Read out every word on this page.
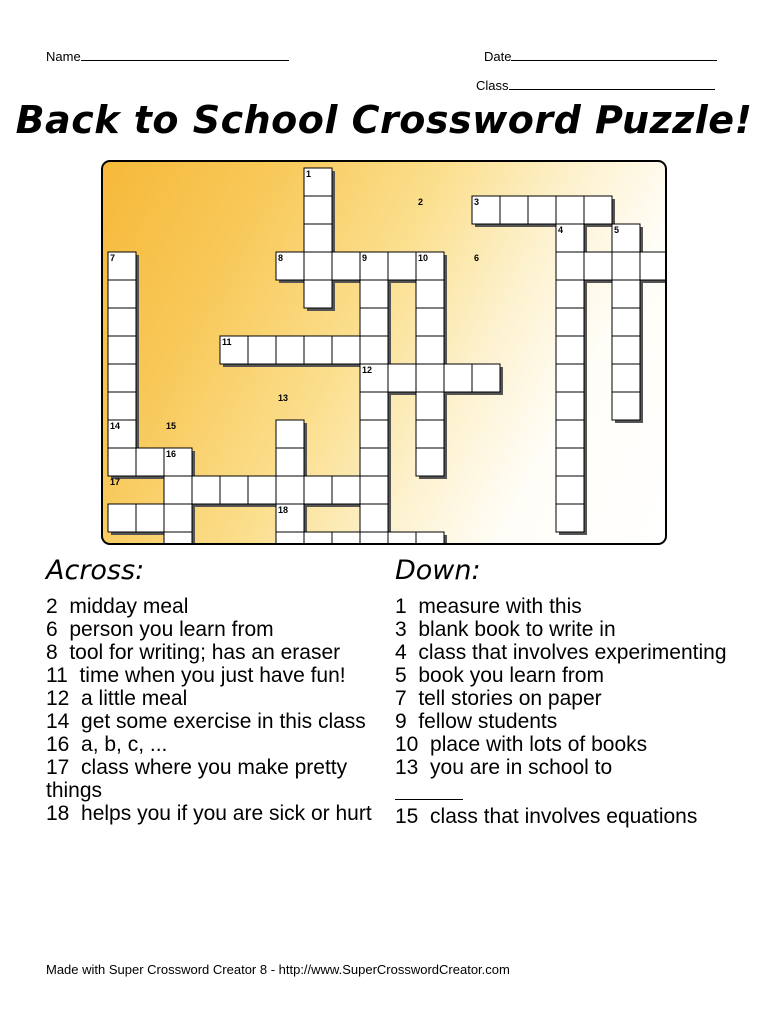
Name	Date
Class
Back to School Crossword Puzzle!
1
2	3
4	5
6
7	8	9	10
11
12
13
14	15
16
17
18
Across:
2  midday meal
6  person you learn from
8  tool for writing; has an eraser
11  time when you just have fun!
12  a little meal
14  get some exercise in this class
16  a, b, c, ...
17  class where you make pretty things
18  helps you if you are sick or hurt
Down:
1  measure with this
3  blank book to write in
4  class that involves experimenting
5  book you learn from
7  tell stories on paper
9  fellow students
10  place with lots of books
13  you are in school to
15  class that involves equations
Made with Super Crossword Creator 8 - http://www.SuperCrosswordCreator.com
